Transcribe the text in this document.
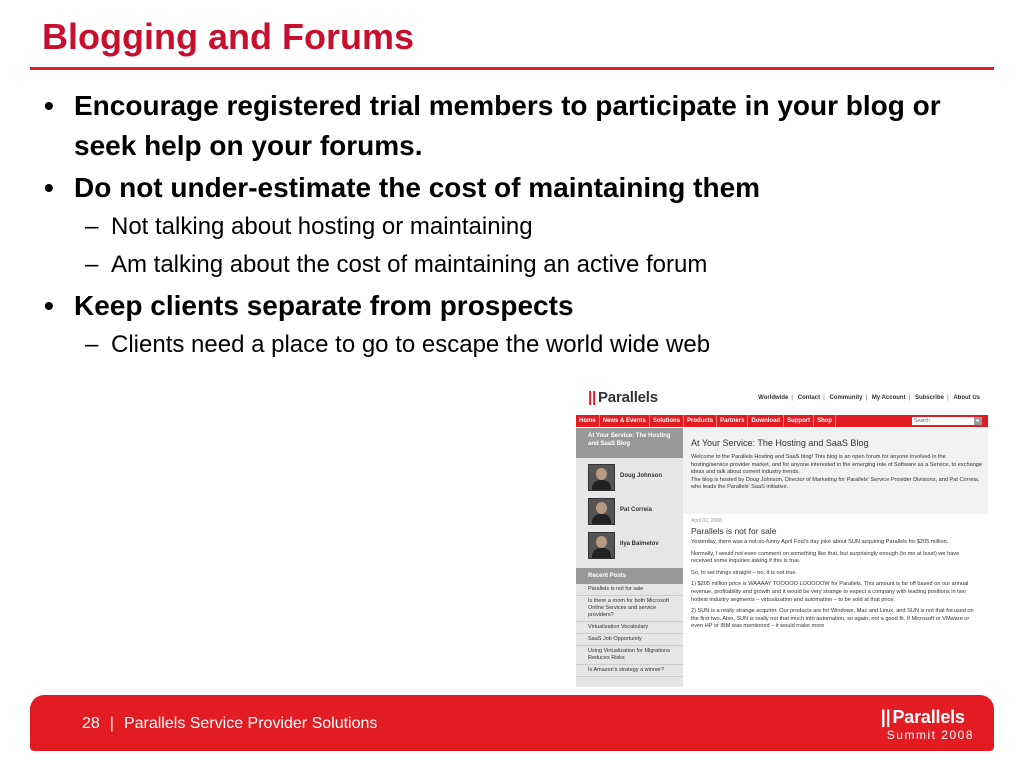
Blogging and Forums
• Encourage registered trial members to participate in your blog or seek help on your forums.
• Do not under-estimate the cost of maintaining them
– Not talking about hosting or maintaining
– Am talking about the cost of maintaining an active forum
• Keep clients separate from prospects
– Clients need a place to go to escape the world wide web
|| Parallels	Worldwide | Contact | Community | My Account | Subscribe | About Us
Home	News & Events	Solutions	Products	Partners	Download	Support	Shop	Search	▸
At Your Service: The Hosting and SaaS Blog
Doug Johnson
Pat Correia
Ilya Baimetov
Recent Posts
Parallels is not for sale
Is there a room for both Microsoft Online Services and service providers?
Virtualization Vocabulary
SaaS Job Opportunity
Using Virtualization for Migrations Reduces Risks
Is Amazon's strategy a winner?
At Your Service: The Hosting and SaaS Blog
Welcome to the Parallels Hosting and SaaS blog! This blog is an open forum for anyone involved in the hosting/service provider market, and for anyone interested in the emerging role of Software as a Service, to exchange ideas and talk about current industry trends.
The blog is hosted by Doug Johnson, Director of Marketing for Parallels' Service Provider Divisions, and Pat Correia, who leads the Parallels' SaaS initiative.
April 02, 2008
Parallels is not for sale
Yesterday, there was a not-so-funny April Fool's day joke about SUN acquiring Parallels for $205 million.
Normally, I would not even comment on something like that, but surprisingly enough (to me at least) we have received some inquiries asking if this is true.
So, to set things straight – no, it is not true.
1) $205 million price is WAAAAY TOOOOO LOOOOOW for Parallels. This amount is far off based on our annual revenue, profitability and growth and it would be very strange to expect a company with leading positions in two hottest industry segments – virtualization and automation – to be sold at that price.
2) SUN is a really strange acquirer. Our products are for Windows, Mac and Linux, and SUN is not that focused on the first two. Also, SUN is really not that much into automation, so again, not a good fit. If Microsoft or VMware or even HP or IBM was mentioned – it would make more
28 | Parallels Service Provider Solutions	|| Parallels
Summit 2008
